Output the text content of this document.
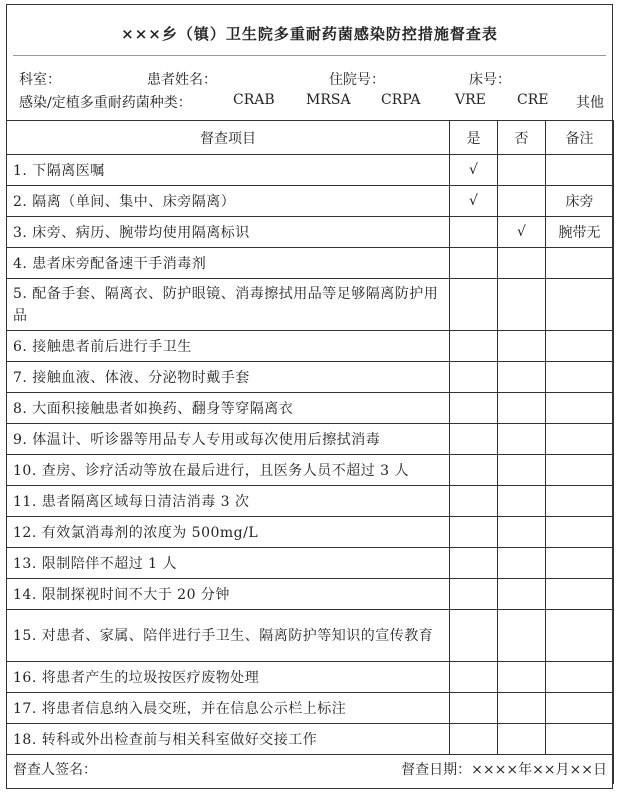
×××乡（镇）卫生院多重耐药菌感染防控措施督查表
科室：	患者姓名：	住院号：	床号：
感染/定植多重耐药菌种类：	CRAB MRSA CRPA VRE CRE 其他
督查项目	是	否	备注
1. 下隔离医嘱	√		
2. 隔离（单间、集中、床旁隔离）	√		床旁
3. 床旁、病历、腕带均使用隔离标识		√	腕带无
4. 患者床旁配备速干手消毒剂			
5. 配备手套、隔离衣、防护眼镜、消毒擦拭用品等足够隔离防护用品			
6. 接触患者前后进行手卫生			
7. 接触血液、体液、分泌物时戴手套			
8. 大面积接触患者如换药、翻身等穿隔离衣			
9. 体温计、听诊器等用品专人专用或每次使用后擦拭消毒			
10. 查房、诊疗活动等放在最后进行，且医务人员不超过 3 人			
11. 患者隔离区域每日清洁消毒 3 次			
12. 有效氯消毒剂的浓度为 500mg/L			
13. 限制陪伴不超过 1 人			
14. 限制探视时间不大于 20 分钟			
15. 对患者、家属、陪伴进行手卫生、隔离防护等知识的宣传教育			
16. 将患者产生的垃圾按医疗废物处理			
17. 将患者信息纳入晨交班，并在信息公示栏上标注			
18. 转科或外出检查前与相关科室做好交接工作			

督查人签名： 督查日期：××××年××月××日			
